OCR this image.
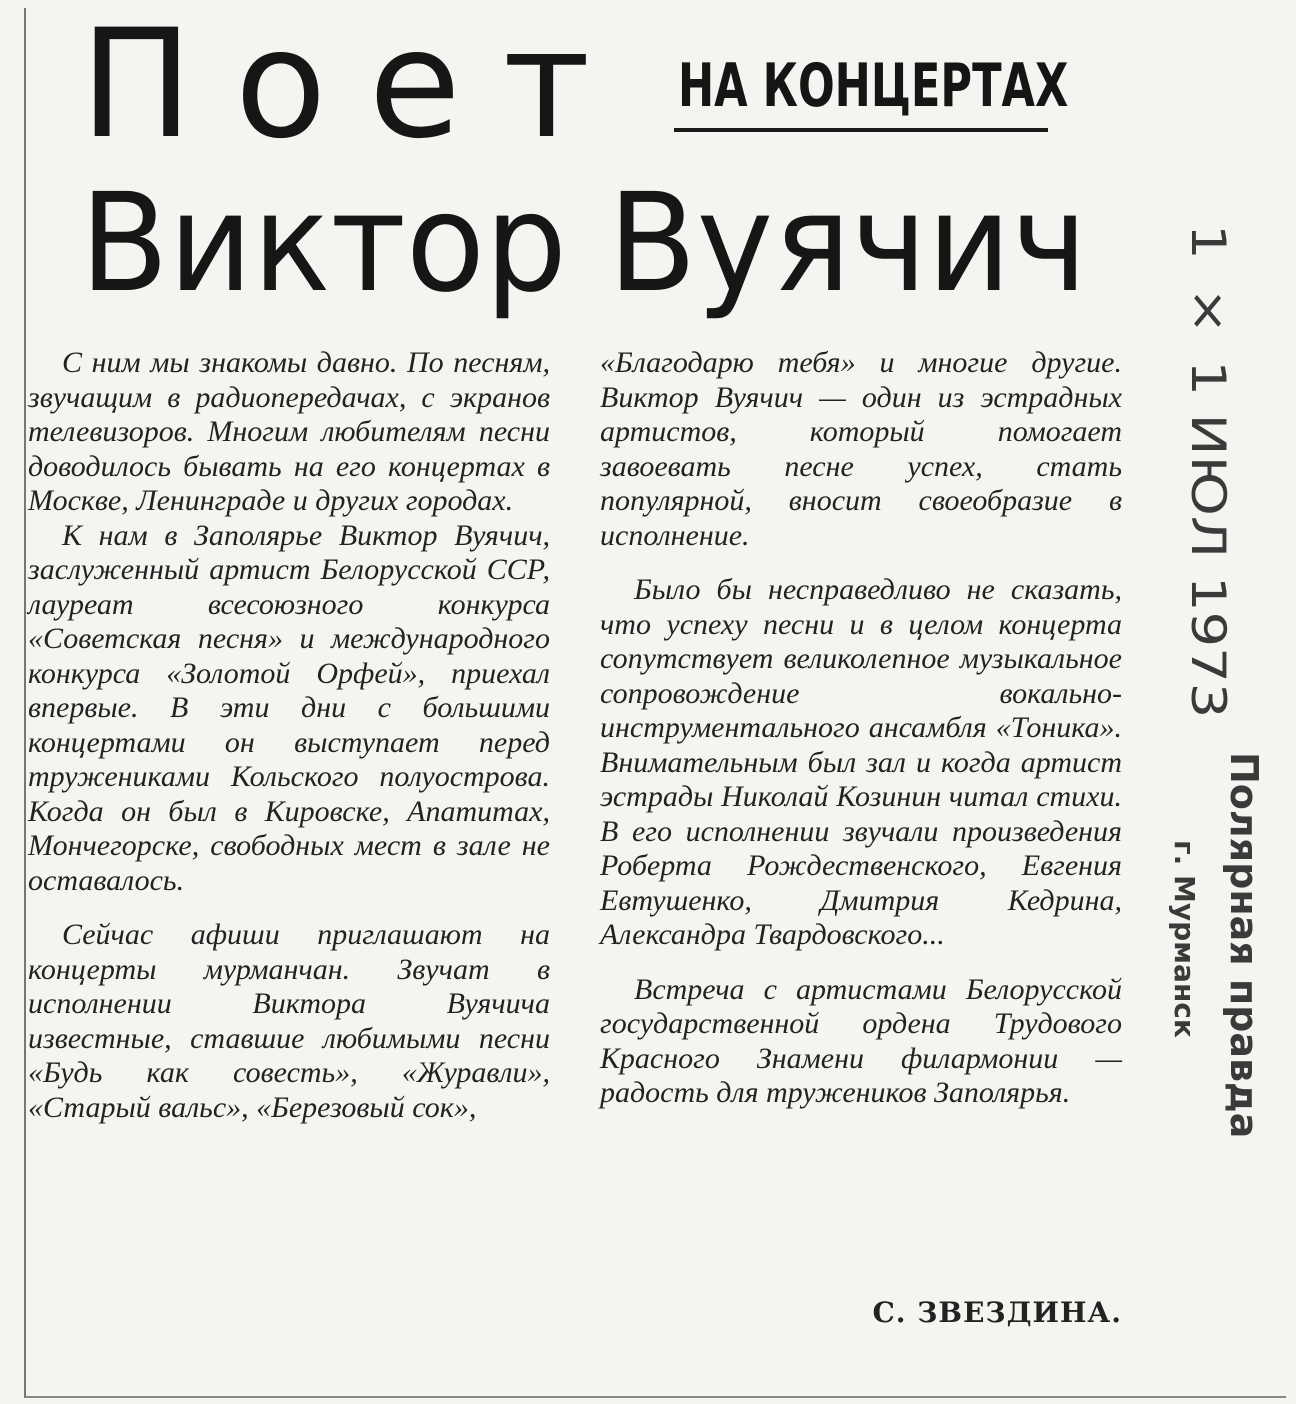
Поет НА КОНЦЕРТАХ
Виктор Вуячич

С ним мы знакомы давно. По песням, звучащим в радиопередачах, с экранов телевизоров. Многим любителям песни доводилось бывать на его концертах в Москве, Ленинграде и других городах.

К нам в Заполярье Виктор Вуячич, заслуженный артист Белорусской ССР, лауреат всесоюзного конкурса «Советская песня» и международного конкурса «Золотой Орфей», приехал впервые. В эти дни с большими концертами он выступает перед тружениками Кольского полуострова. Когда он был в Кировске, Апатитах, Мончегорске, свободных мест в зале не оставалось.

Сейчас афиши приглашают на концерты мурманчан. Звучат в исполнении Виктора Вуячича известные, ставшие любимыми песни «Будь как совесть», «Журавли», «Старый вальс», «Березовый сок»,

«Благодарю тебя» и многие другие. Виктор Вуячич — один из эстрадных артистов, который помогает завоевать песне успех, стать популярной, вносит своеобразие в исполнение.

Было бы несправедливо не сказать, что успеху песни и в целом концерта сопутствует великолепное музыкальное сопровождение вокально-инструментального ансамбля «Тоника». Внимательным был зал и когда артист эстрады Николай Козинин читал стихи. В его исполнении звучали произведения Роберта Рождественского, Евгения Евтушенко, Дмитрия Кедрина, Александра Твардовского...

Встреча с артистами Белорусской государственной ордена Трудового Красного Знамени филармонии — радость для тружеников Заполярья.

С. ЗВЕЗДИНА.
1 × 1 ИЮЛ 1973
Полярная правда
г. Мурманск
